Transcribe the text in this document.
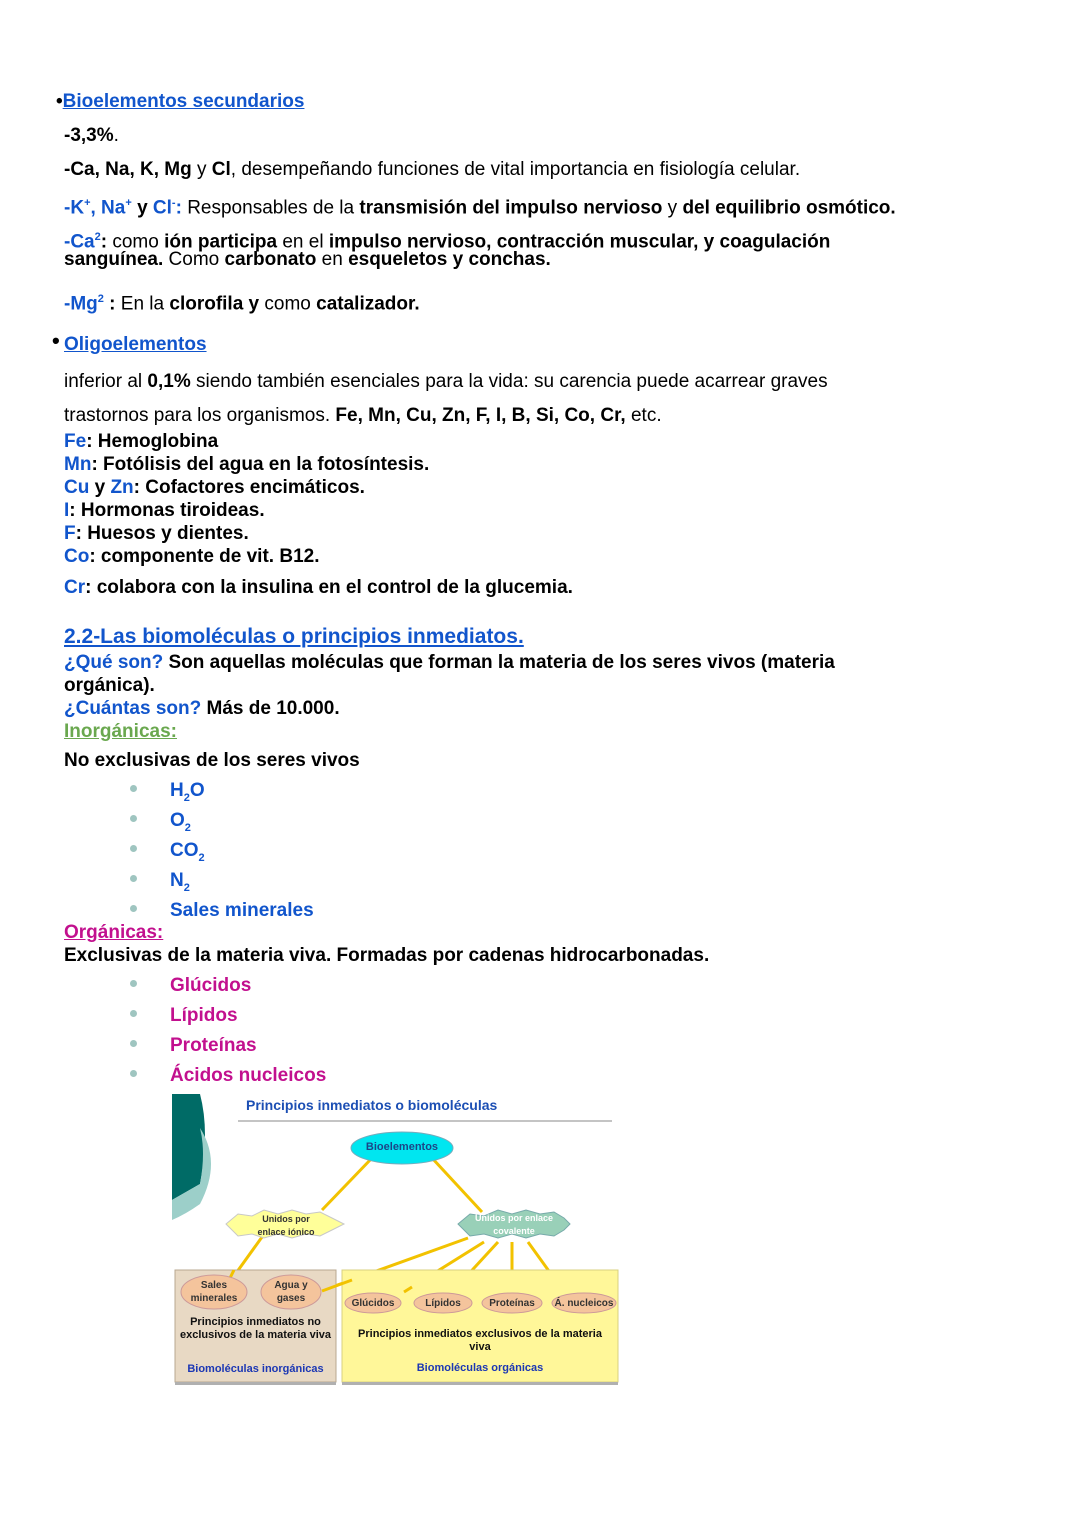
•Bioelementos secundarios
-3,3%.
-Ca, Na, K, Mg y Cl, desempeñando funciones de vital importancia en fisiología celular.
-K+, Na+ y Cl-: Responsables de la transmisión del impulso nervioso y del equilibrio osmótico.
-Ca$^2$: como ión participa en el impulso nervioso, contracción muscular, y coagulación
sanguínea. Como carbonato en esqueletos y conchas.
-Mg$^2$ : En la clorofila y como catalizador.
• Oligoelementos
inferior al 0,1% siendo también esenciales para la vida: su carencia puede acarrear graves
trastornos para los organismos. Fe, Mn, Cu, Zn, F, I, B, Si, Co, Cr, etc.
Fe: Hemoglobina
Mn: Fotólisis del agua en la fotosíntesis.
Cu y Zn: Cofactores encimáticos.
I: Hormonas tiroideas.
F: Huesos y dientes.
Co: componente de vit. B12.
Cr: colabora con la insulina en el control de la glucemia.
2.2-Las biomoléculas o principios inmediatos.
¿Qué son? Son aquellas moléculas que forman la materia de los seres vivos (materia
orgánica).
¿Cuántas son? Más de 10.000.
Inorgánicas:
No exclusivas de los seres vivos
$H_2O$
$O_2$
$CO_2$
$N_2$
Sales minerales
Orgánicas:
Exclusivas de la materia viva. Formadas por cadenas hidrocarbonadas.
Glúcidos
Lípidos
Proteínas
Ácidos nucleicos
Principios inmediatos o biomoléculas
Bioelementos
Unidos por enlace iónico
Unidos por enlace covalente
Sales minerales
Agua y gases	Glúcidos	Lípidos	Proteínas	Á. nucleicos
Principios inmediatos no exclusivos de la materia viva
Biomoléculas inorgánicas
Principios inmediatos exclusivos de la materia viva
Biomoléculas orgánicas
